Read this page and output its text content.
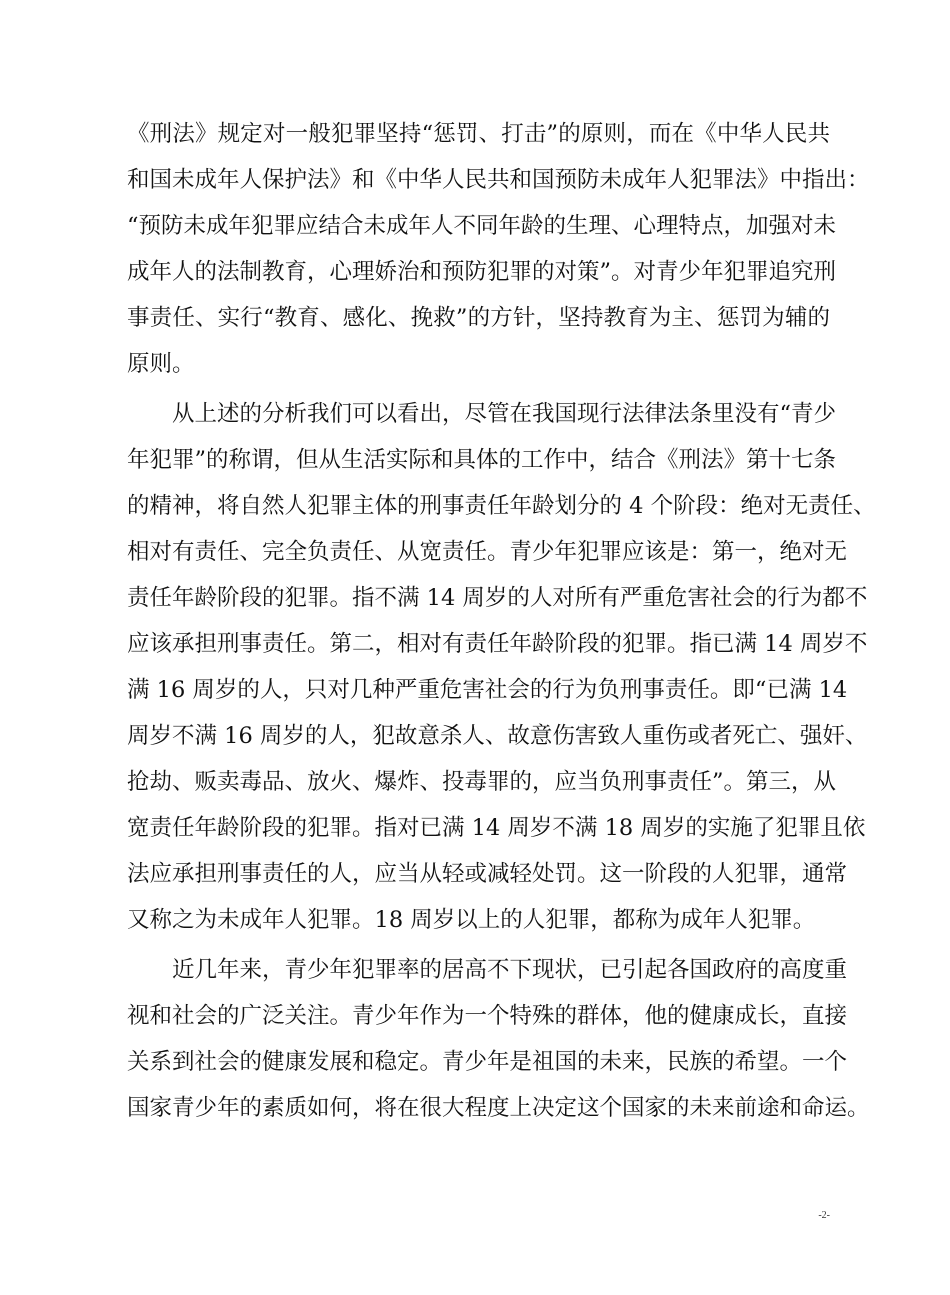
《刑法》规定对一般犯罪坚持“惩罚、打击”的原则，而在《中华人民共
和国未成年人保护法》和《中华人民共和国预防未成年人犯罪法》中指出：
“预防未成年犯罪应结合未成年人不同年龄的生理、心理特点，加强对未
成年人的法制教育，心理娇治和预防犯罪的对策”。对青少年犯罪追究刑
事责任、实行“教育、感化、挽救”的方针，坚持教育为主、惩罚为辅的
原则。
从上述的分析我们可以看出，尽管在我国现行法律法条里没有“青少
年犯罪”的称谓，但从生活实际和具体的工作中，结合《刑法》第十七条
的精神，将自然人犯罪主体的刑事责任年龄划分的 4 个阶段：绝对无责任、
相对有责任、完全负责任、从宽责任。青少年犯罪应该是：第一，绝对无
责任年龄阶段的犯罪。指不满 14 周岁的人对所有严重危害社会的行为都不
应该承担刑事责任。第二，相对有责任年龄阶段的犯罪。指已满 14 周岁不
满 16 周岁的人，只对几种严重危害社会的行为负刑事责任。即“已满 14
周岁不满 16 周岁的人，犯故意杀人、故意伤害致人重伤或者死亡、强奸、
抢劫、贩卖毒品、放火、爆炸、投毒罪的，应当负刑事责任”。第三，从
宽责任年龄阶段的犯罪。指对已满 14 周岁不满 18 周岁的实施了犯罪且依
法应承担刑事责任的人，应当从轻或减轻处罚。这一阶段的人犯罪，通常
又称之为未成年人犯罪。18 周岁以上的人犯罪，都称为成年人犯罪。
近几年来，青少年犯罪率的居高不下现状，已引起各国政府的高度重
视和社会的广泛关注。青少年作为一个特殊的群体，他的健康成长，直接
关系到社会的健康发展和稳定。青少年是祖国的未来，民族的希望。一个
国家青少年的素质如何，将在很大程度上决定这个国家的未来前途和命运。
-2-
